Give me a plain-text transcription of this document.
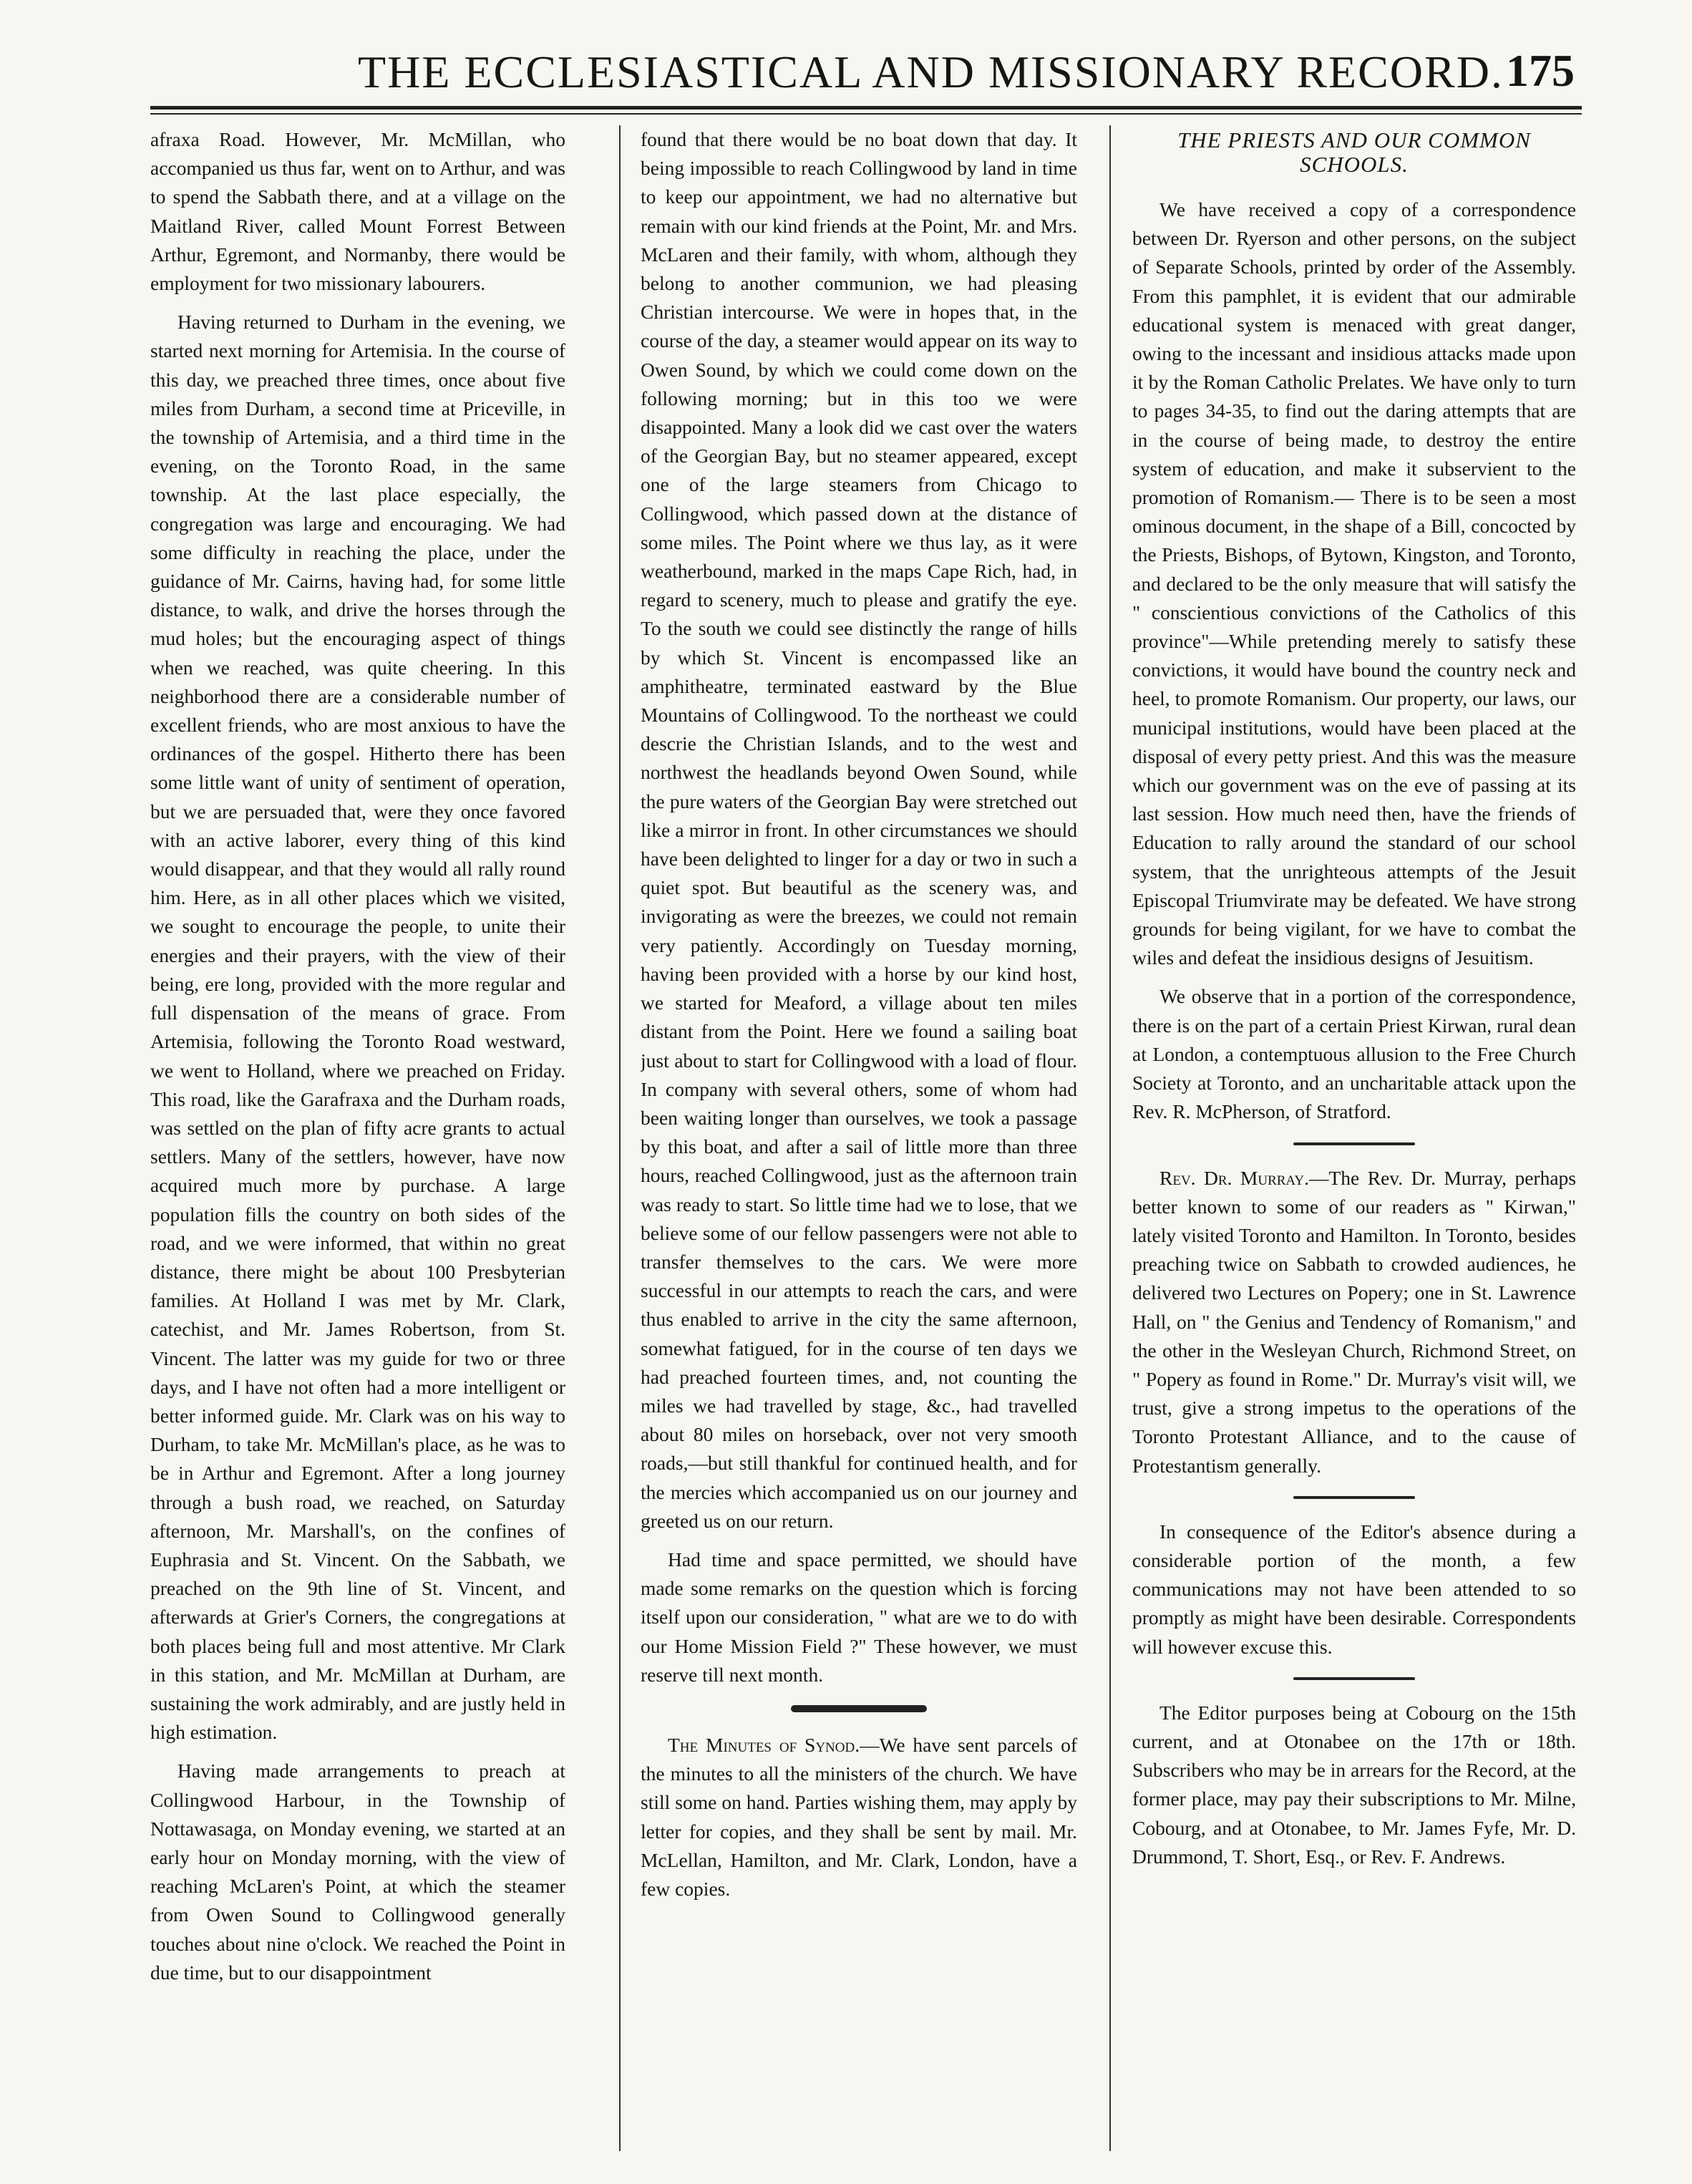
THE ECCLESIASTICAL AND MISSIONARY RECORD. 175

afraxa Road. However, Mr. McMillan, who accompanied us thus far, went on to Arthur, and was to spend the Sabbath there, and at a village on the Maitland River, called Mount Forrest Between Arthur, Egremont, and Normanby, there would be employment for two missionary labourers.

Having returned to Durham in the evening, we started next morning for Artemisia. In the course of this day, we preached three times, once about five miles from Durham, a second time at Priceville, in the township of Artemisia, and a third time in the evening, on the Toronto Road, in the same township. At the last place especially, the congregation was large and encouraging. We had some difficulty in reaching the place, under the guidance of Mr. Cairns, having had, for some little distance, to walk, and drive the horses through the mud holes; but the encouraging aspect of things when we reached, was quite cheering. In this neighborhood there are a considerable number of excellent friends, who are most anxious to have the ordinances of the gospel. Hitherto there has been some little want of unity of sentiment of operation, but we are persuaded that, were they once favored with an active laborer, every thing of this kind would disappear, and that they would all rally round him. Here, as in all other places which we visited, we sought to encourage the people, to unite their energies and their prayers, with the view of their being, ere long, provided with the more regular and full dispensation of the means of grace. From Artemisia, following the Toronto Road westward, we went to Holland, where we preached on Friday. This road, like the Garafraxa and the Durham roads, was settled on the plan of fifty acre grants to actual settlers. Many of the settlers, however, have now acquired much more by purchase. A large population fills the country on both sides of the road, and we were informed, that within no great distance, there might be about 100 Presbyterian families. At Holland I was met by Mr. Clark, catechist, and Mr. James Robertson, from St. Vincent. The latter was my guide for two or three days, and I have not often had a more intelligent or better informed guide. Mr. Clark was on his way to Durham, to take Mr. McMillan's place, as he was to be in Arthur and Egremont. After a long journey through a bush road, we reached, on Saturday afternoon, Mr. Marshall's, on the confines of Euphrasia and St. Vincent. On the Sabbath, we preached on the 9th line of St. Vincent, and afterwards at Grier's Corners, the congregations at both places being full and most attentive. Mr Clark in this station, and Mr. McMillan at Durham, are sustaining the work admirably, and are justly held in high estimation.

Having made arrangements to preach at Collingwood Harbour, in the Township of Nottawasaga, on Monday evening, we started at an early hour on Monday morning, with the view of reaching McLaren's Point, at which the steamer from Owen Sound to Collingwood generally touches about nine o'clock. We reached the Point in due time, but to our disappointment

found that there would be no boat down that day. It being impossible to reach Collingwood by land in time to keep our appointment, we had no alternative but remain with our kind friends at the Point, Mr. and Mrs. McLaren and their family, with whom, although they belong to another communion, we had pleasing Christian intercourse. We were in hopes that, in the course of the day, a steamer would appear on its way to Owen Sound, by which we could come down on the following morning; but in this too we were disappointed. Many a look did we cast over the waters of the Georgian Bay, but no steamer appeared, except one of the large steamers from Chicago to Collingwood, which passed down at the distance of some miles. The Point where we thus lay, as it were weatherbound, marked in the maps Cape Rich, had, in regard to scenery, much to please and gratify the eye. To the south we could see distinctly the range of hills by which St. Vincent is encompassed like an amphitheatre, terminated eastward by the Blue Mountains of Collingwood. To the northeast we could descrie the Christian Islands, and to the west and northwest the headlands beyond Owen Sound, while the pure waters of the Georgian Bay were stretched out like a mirror in front. In other circumstances we should have been delighted to linger for a day or two in such a quiet spot. But beautiful as the scenery was, and invigorating as were the breezes, we could not remain very patiently. Accordingly on Tuesday morning, having been provided with a horse by our kind host, we started for Meaford, a village about ten miles distant from the Point. Here we found a sailing boat just about to start for Collingwood with a load of flour. In company with several others, some of whom had been waiting longer than ourselves, we took a passage by this boat, and after a sail of little more than three hours, reached Collingwood, just as the afternoon train was ready to start. So little time had we to lose, that we believe some of our fellow passengers were not able to transfer themselves to the cars. We were more successful in our attempts to reach the cars, and were thus enabled to arrive in the city the same afternoon, somewhat fatigued, for in the course of ten days we had preached fourteen times, and, not counting the miles we had travelled by stage, &c., had travelled about 80 miles on horseback, over not very smooth roads,—but still thankful for continued health, and for the mercies which accompanied us on our journey and greeted us on our return.

Had time and space permitted, we should have made some remarks on the question which is forcing itself upon our consideration, " what are we to do with our Home Mission Field ?" These however, we must reserve till next month.

The Minutes of Synod.—We have sent parcels of the minutes to all the ministers of the church. We have still some on hand. Parties wishing them, may apply by letter for copies, and they shall be sent by mail. Mr. McLellan, Hamilton, and Mr. Clark, London, have a few copies.

THE PRIESTS AND OUR COMMON
SCHOOLS.

We have received a copy of a correspondence between Dr. Ryerson and other persons, on the subject of Separate Schools, printed by order of the Assembly. From this pamphlet, it is evident that our admirable educational system is menaced with great danger, owing to the incessant and insidious attacks made upon it by the Roman Catholic Prelates. We have only to turn to pages 34-35, to find out the daring attempts that are in the course of being made, to destroy the entire system of education, and make it subservient to the promotion of Romanism.— There is to be seen a most ominous document, in the shape of a Bill, concocted by the Priests, Bishops, of Bytown, Kingston, and Toronto, and declared to be the only measure that will satisfy the " conscientious convictions of the Catholics of this province"—While pretending merely to satisfy these convictions, it would have bound the country neck and heel, to promote Romanism. Our property, our laws, our municipal institutions, would have been placed at the disposal of every petty priest. And this was the measure which our government was on the eve of passing at its last session. How much need then, have the friends of Education to rally around the standard of our school system, that the unrighteous attempts of the Jesuit Episcopal Triumvirate may be defeated. We have strong grounds for being vigilant, for we have to combat the wiles and defeat the insidious designs of Jesuitism.

We observe that in a portion of the correspondence, there is on the part of a certain Priest Kirwan, rural dean at London, a contemptuous allusion to the Free Church Society at Toronto, and an uncharitable attack upon the Rev. R. McPherson, of Stratford.

Rev. Dr. Murray.—The Rev. Dr. Murray, perhaps better known to some of our readers as " Kirwan," lately visited Toronto and Hamilton. In Toronto, besides preaching twice on Sabbath to crowded audiences, he delivered two Lectures on Popery; one in St. Lawrence Hall, on " the Genius and Tendency of Romanism," and the other in the Wesleyan Church, Richmond Street, on " Popery as found in Rome." Dr. Murray's visit will, we trust, give a strong impetus to the operations of the Toronto Protestant Alliance, and to the cause of Protestantism generally.

In consequence of the Editor's absence during a considerable portion of the month, a few communications may not have been attended to so promptly as might have been desirable. Correspondents will however excuse this.

The Editor purposes being at Cobourg on the 15th current, and at Otonabee on the 17th or 18th. Subscribers who may be in arrears for the Record, at the former place, may pay their subscriptions to Mr. Milne, Cobourg, and at Otonabee, to Mr. James Fyfe, Mr. D. Drummond, T. Short, Esq., or Rev. F. Andrews.
